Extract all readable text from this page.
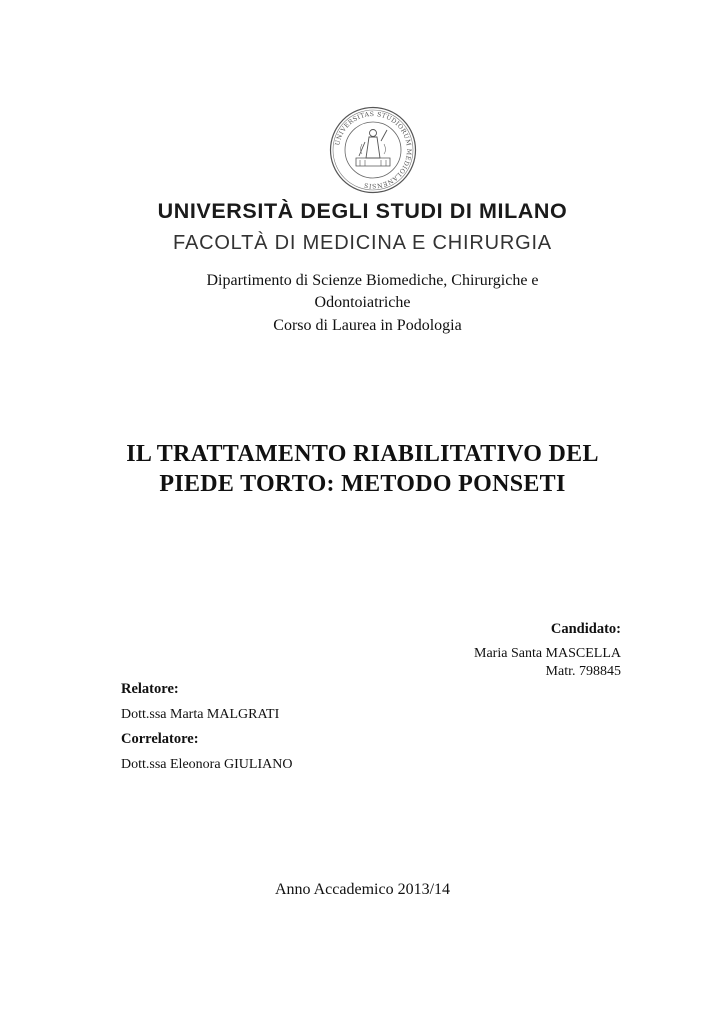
UNIVERSITAS STUDIORUM MEDIOLANENSIS
UNIVERSITÀ DEGLI STUDI DI MILANO
FACOLTÀ DI MEDICINA E CHIRURGIA
Dipartimento di Scienze Biomediche, Chirurgiche e
Odontoiatriche
Corso di Laurea in Podologia
IL TRATTAMENTO RIABILITATIVO DEL
PIEDE TORTO: METODO PONSETI
Candidato:
Maria Santa MASCELLA
Matr. 798845
Relatore:
Dott.ssa Marta MALGRATI
Correlatore:
Dott.ssa Eleonora GIULIANO
Anno Accademico 2013/14
